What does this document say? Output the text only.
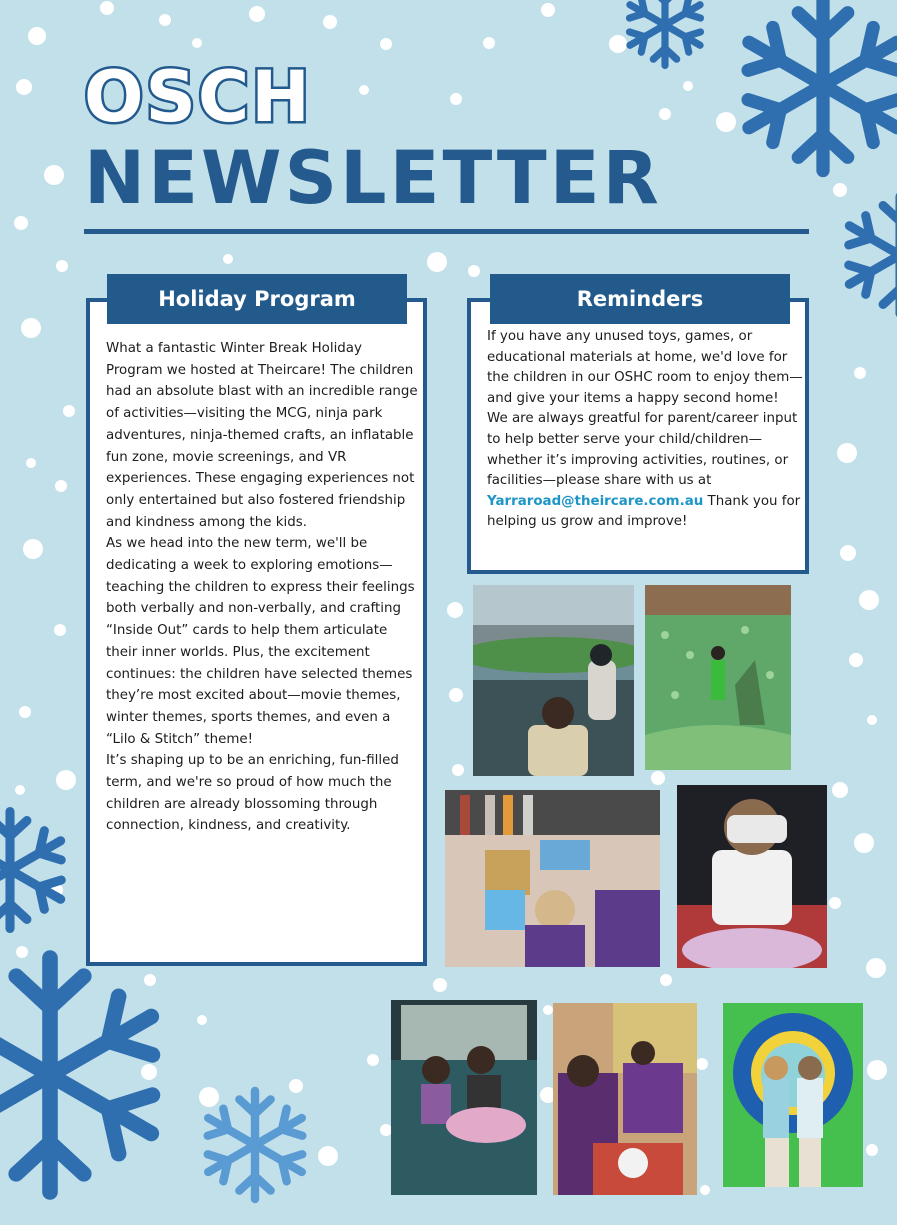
OSCH
NEWSLETTER
Holiday Program

What a fantastic Winter Break Holiday Program we hosted at Theircare! The children had an absolute blast with an incredible range of activities—visiting the MCG, ninja park adventures, ninja-themed crafts, an inflatable fun zone, movie screenings, and VR experiences. These engaging experiences not only entertained but also fostered friendship and kindness among the kids.

As we head into the new term, we'll be dedicating a week to exploring emotions—teaching the children to express their feelings both verbally and non-verbally, and crafting “Inside Out” cards to help them articulate their inner worlds. Plus, the excitement continues: the children have selected themes they’re most excited about—movie themes, winter themes, sports themes, and even a “Lilo & Stitch” theme!

It’s shaping up to be an enriching, fun-filled term, and we're so proud of how much the children are already blossoming through connection, kindness, and creativity.

Reminders
If you have any unused toys, games, or educational materials at home, we'd love for the children in our OSHC room to enjoy them—and give your items a happy second home! We are always greatful for parent/career input to help better serve your child/children—whether it’s improving activities, routines, or facilities—please share with us at Yarraroad@theircare.com.au Thank you for helping us grow and improve!
